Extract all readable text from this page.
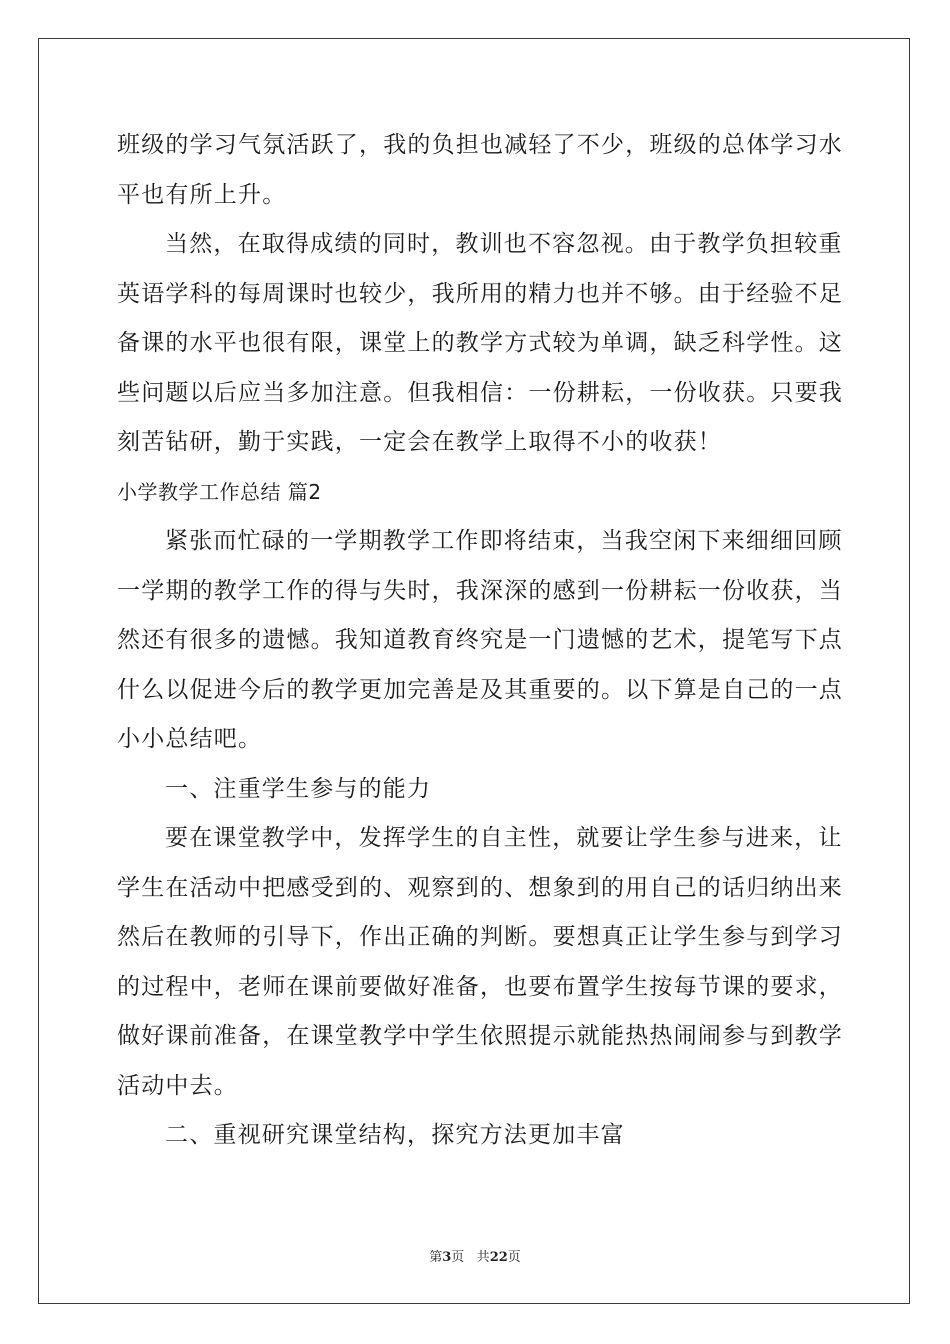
班级的学习气氛活跃了，我的负担也减轻了不少，班级的总体学习水
平也有所上升。
当然，在取得成绩的同时，教训也不容忽视。由于教学负担较重
英语学科的每周课时也较少，我所用的精力也并不够。由于经验不足
备课的水平也很有限，课堂上的教学方式较为单调，缺乏科学性。这
些问题以后应当多加注意。但我相信：一份耕耘，一份收获。只要我
刻苦钻研，勤于实践，一定会在教学上取得不小的收获！
小学教学工作总结 篇2
紧张而忙碌的一学期教学工作即将结束，当我空闲下来细细回顾
一学期的教学工作的得与失时，我深深的感到一份耕耘一份收获，当
然还有很多的遗憾。我知道教育终究是一门遗憾的艺术，提笔写下点
什么以促进今后的教学更加完善是及其重要的。以下算是自己的一点
小小总结吧。
一、注重学生参与的能力
要在课堂教学中，发挥学生的自主性，就要让学生参与进来，让
学生在活动中把感受到的、观察到的、想象到的用自己的话归纳出来
然后在教师的引导下，作出正确的判断。要想真正让学生参与到学习
的过程中，老师在课前要做好准备，也要布置学生按每节课的要求，
做好课前准备，在课堂教学中学生依照提示就能热热闹闹参与到教学
活动中去。
二、重视研究课堂结构，探究方法更加丰富
第3页 共22页
